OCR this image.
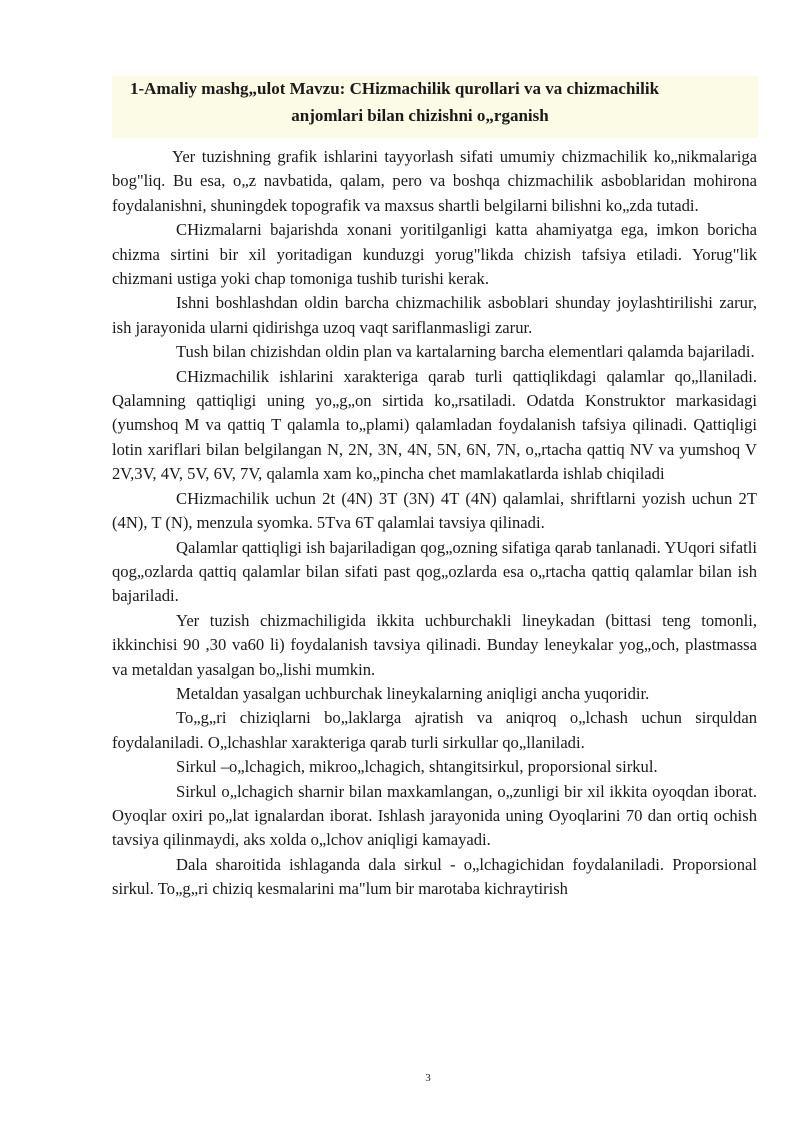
1-Amaliy mashg„ulot Mavzu: CHizmachilik qurollari va va chizmachilik
anjomlari bilan chizishni o„rganish

Yer tuzishning grafik ishlarini tayyorlash sifati umumiy chizmachilik ko„nikmalariga bog"liq. Bu esa, o„z navbatida, qalam, pero va boshqa chizmachilik asboblaridan mohirona foydalanishni, shuningdek topografik va maxsus shartli belgilarni bilishni ko„zda tutadi.

CHizmalarni bajarishda xonani yoritilganligi katta ahamiyatga ega, imkon boricha chizma sirtini bir xil yoritadigan kunduzgi yorug"likda chizish tafsiya etiladi. Yorug"lik chizmani ustiga yoki chap tomoniga tushib turishi kerak.

Ishni boshlashdan oldin barcha chizmachilik asboblari shunday joylashtirilishi zarur, ish jarayonida ularni qidirishga uzoq vaqt sariflanmasligi zarur.

Tush bilan chizishdan oldin plan va kartalarning barcha elementlari qalamda bajariladi.

CHizmachilik ishlarini xarakteriga qarab turli qattiqlikdagi qalamlar qo„llaniladi. Qalamning qattiqligi uning yo„g„on sirtida ko„rsatiladi. Odatda Konstruktor markasidagi (yumshoq M va qattiq T qalamla to„plami) qalamladan foydalanish tafsiya qilinadi. Qattiqligi lotin xariflari bilan belgilangan N, 2N, 3N, 4N, 5N, 6N, 7N, o„rtacha qattiq NV va yumshoq V 2V,3V, 4V, 5V, 6V, 7V, qalamla xam ko„pincha chet mamlakatlarda ishlab chiqiladi

CHizmachilik uchun 2t (4N) 3T (3N) 4T (4N) qalamlai, shriftlarni yozish uchun 2T (4N), T (N), menzula syomka. 5Tva 6T qalamlai tavsiya qilinadi.

Qalamlar qattiqligi ish bajariladigan qog„ozning sifatiga qarab tanlanadi. YUqori sifatli qog„ozlarda qattiq qalamlar bilan sifati past qog„ozlarda esa o„rtacha qattiq qalamlar bilan ish bajariladi.

Yer tuzish chizmachiligida ikkita uchburchakli lineykadan (bittasi teng tomonli, ikkinchisi 90 ,30 va60 li) foydalanish tavsiya qilinadi. Bunday leneykalar yog„och, plastmassa va metaldan yasalgan bo„lishi mumkin.

Metaldan yasalgan uchburchak lineykalarning aniqligi ancha yuqoridir.

To„g„ri chiziqlarni bo„laklarga ajratish va aniqroq o„lchash uchun sirquldan foydalaniladi. O„lchashlar xarakteriga qarab turli sirkullar qo„llaniladi.

Sirkul –o„lchagich, mikroo„lchagich, shtangitsirkul, proporsional sirkul.

Sirkul o„lchagich sharnir bilan maxkamlangan, o„zunligi bir xil ikkita oyoqdan iborat. Oyoqlar oxiri po„lat ignalardan iborat. Ishlash jarayonida uning Oyoqlarini 70 dan ortiq ochish tavsiya qilinmaydi, aks xolda o„lchov aniqligi kamayadi.

Dala sharoitida ishlaganda dala sirkul - o„lchagichidan foydalaniladi. Proporsional sirkul. To„g„ri chiziq kesmalarini ma"lum bir marotaba kichraytirish

3
